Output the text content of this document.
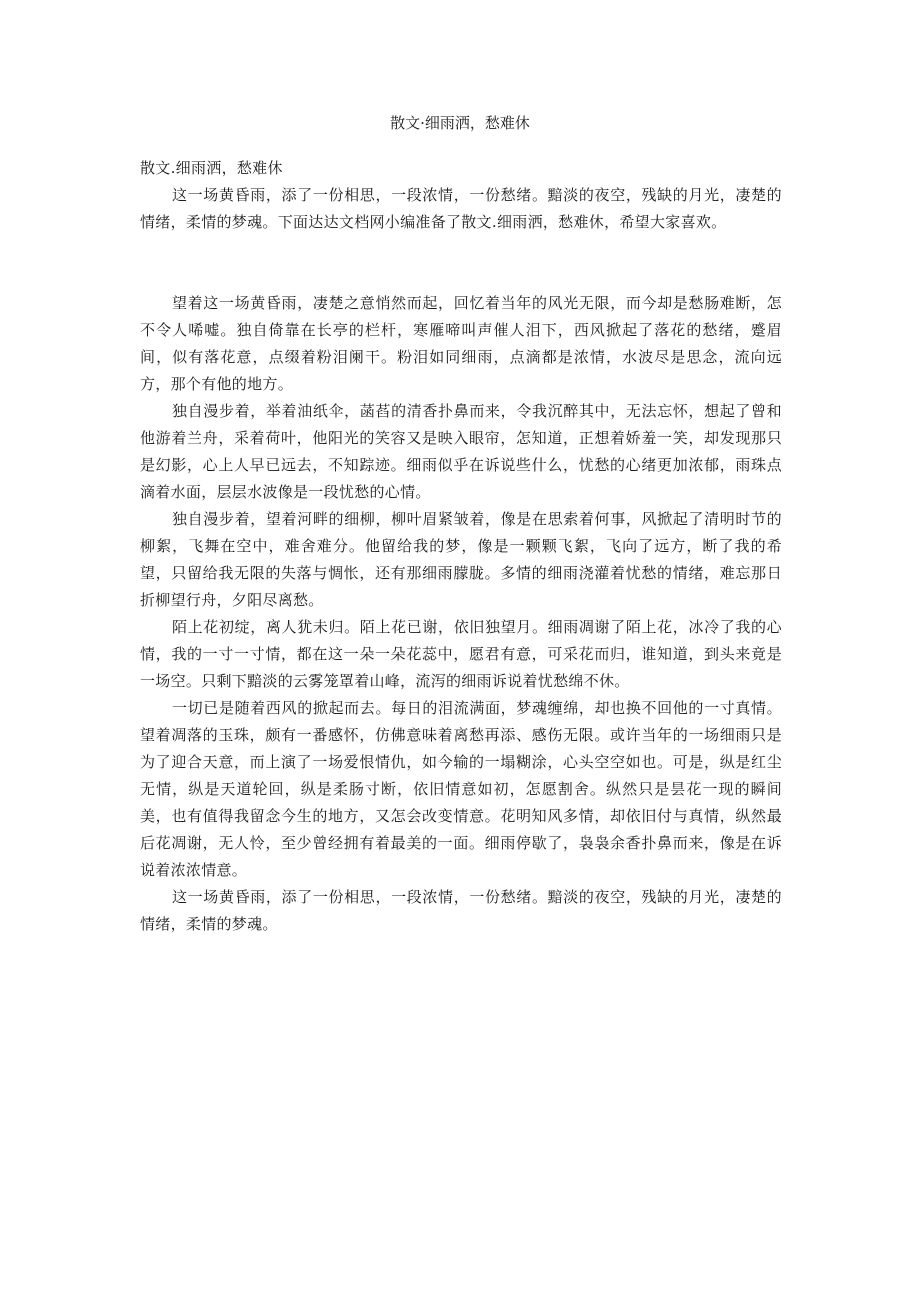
散文·细雨洒，愁难休

散文.细雨洒，愁难休

这一场黄昏雨，添了一份相思，一段浓情，一份愁绪。黯淡的夜空，残缺的月光，凄楚的情绪，柔情的梦魂。下面达达文档网小编准备了散文.细雨洒，愁难休，希望大家喜欢。

望着这一场黄昏雨，凄楚之意悄然而起，回忆着当年的风光无限，而今却是愁肠难断，怎不令人唏嘘。独自倚靠在长亭的栏杆，寒雁啼叫声催人泪下，西风掀起了落花的愁绪，蹙眉间，似有落花意，点缀着粉泪阑干。粉泪如同细雨，点滴都是浓情，水波尽是思念，流向远方，那个有他的地方。

独自漫步着，举着油纸伞，菡萏的清香扑鼻而来，令我沉醉其中，无法忘怀，想起了曾和他游着兰舟，采着荷叶，他阳光的笑容又是映入眼帘，怎知道，正想着娇羞一笑，却发现那只是幻影，心上人早已远去，不知踪迹。细雨似乎在诉说些什么，忧愁的心绪更加浓郁，雨珠点滴着水面，层层水波像是一段忧愁的心情。

独自漫步着，望着河畔的细柳，柳叶眉紧皱着，像是在思索着何事，风掀起了清明时节的柳絮，飞舞在空中，难舍难分。他留给我的梦，像是一颗颗飞絮，飞向了远方，断了我的希望，只留给我无限的失落与惆怅，还有那细雨朦胧。多情的细雨浇灌着忧愁的情绪，难忘那日折柳望行舟，夕阳尽离愁。

陌上花初绽，离人犹未归。陌上花已谢，依旧独望月。细雨凋谢了陌上花，冰冷了我的心情，我的一寸一寸情，都在这一朵一朵花蕊中，愿君有意，可采花而归，谁知道，到头来竟是一场空。只剩下黯淡的云雾笼罩着山峰，流泻的细雨诉说着忧愁绵不休。

一切已是随着西风的掀起而去。每日的泪流满面，梦魂缠绵，却也换不回他的一寸真情。望着凋落的玉珠，颇有一番感怀，仿佛意味着离愁再添、感伤无限。或许当年的一场细雨只是为了迎合天意，而上演了一场爱恨情仇，如今输的一塌糊涂，心头空空如也。可是，纵是红尘无情，纵是天道轮回，纵是柔肠寸断，依旧情意如初，怎愿割舍。纵然只是昙花一现的瞬间美，也有值得我留念今生的地方，又怎会改变情意。花明知风多情，却依旧付与真情，纵然最后花凋谢，无人怜，至少曾经拥有着最美的一面。细雨停歇了，袅袅余香扑鼻而来，像是在诉说着浓浓情意。

这一场黄昏雨，添了一份相思，一段浓情，一份愁绪。黯淡的夜空，残缺的月光，凄楚的情绪，柔情的梦魂。
